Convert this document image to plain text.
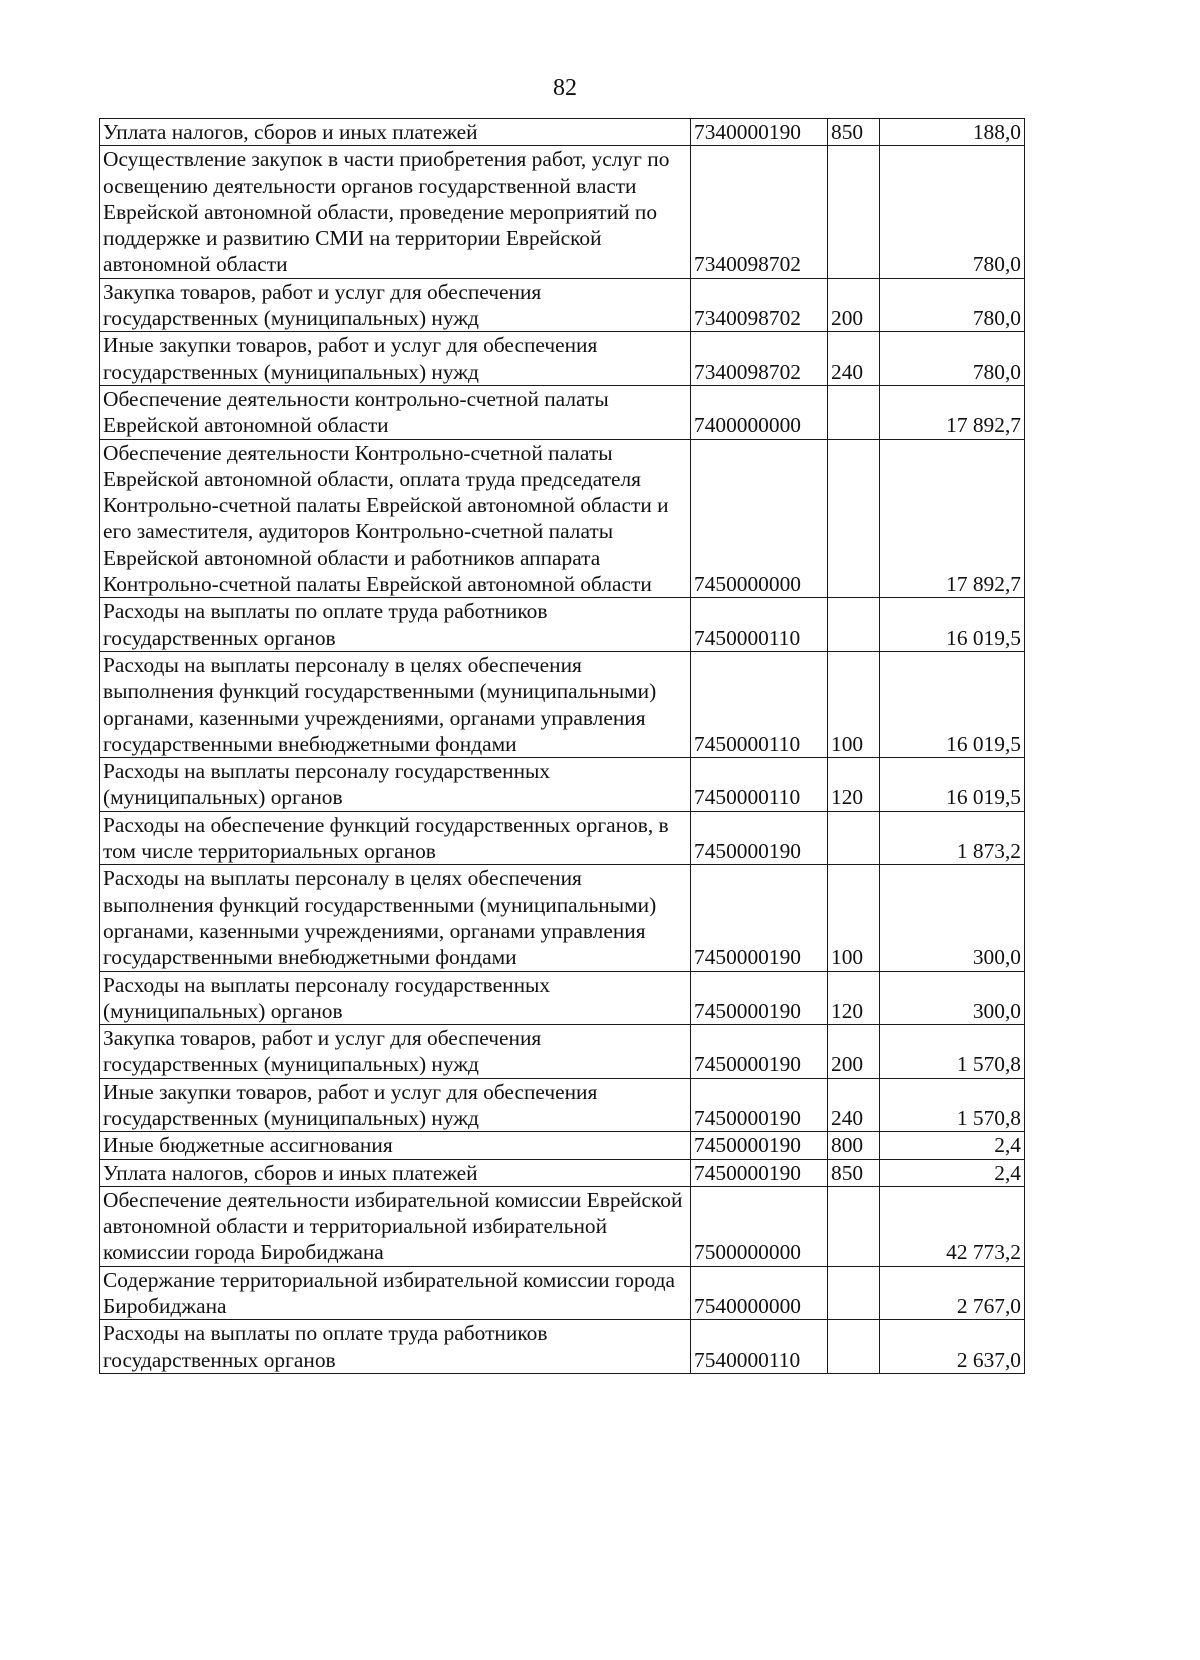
82
Уплата налогов, сборов и иных платежей	7340000190	850	188,0
Осуществление закупок в части приобретения работ, услуг по освещению деятельности органов государственной власти Еврейской автономной области, проведение мероприятий по поддержке и развитию СМИ на территории Еврейской автономной области	7340098702		780,0
Закупка товаров, работ и услуг для обеспечения государственных (муниципальных) нужд	7340098702	200	780,0
Иные закупки товаров, работ и услуг для обеспечения государственных (муниципальных) нужд	7340098702	240	780,0
Обеспечение деятельности контрольно-счетной палаты Еврейской автономной области	7400000000		17 892,7
Обеспечение деятельности Контрольно-счетной палаты Еврейской автономной области, оплата труда председателя Контрольно-счетной палаты Еврейской автономной области и его заместителя, аудиторов Контрольно-счетной палаты Еврейской автономной области и работников аппарата Контрольно-счетной палаты Еврейской автономной области	7450000000		17 892,7
Расходы на выплаты по оплате труда работников государственных органов	7450000110		16 019,5
Расходы на выплаты персоналу в целях обеспечения выполнения функций государственными (муниципальными) органами, казенными учреждениями, органами управления государственными внебюджетными фондами	7450000110	100	16 019,5
Расходы на выплаты персоналу государственных (муниципальных) органов	7450000110	120	16 019,5
Расходы на обеспечение функций государственных органов, в том числе территориальных органов	7450000190		1 873,2
Расходы на выплаты персоналу в целях обеспечения выполнения функций государственными (муниципальными) органами, казенными учреждениями, органами управления государственными внебюджетными фондами	7450000190	100	300,0
Расходы на выплаты персоналу государственных (муниципальных) органов	7450000190	120	300,0
Закупка товаров, работ и услуг для обеспечения государственных (муниципальных) нужд	7450000190	200	1 570,8
Иные закупки товаров, работ и услуг для обеспечения государственных (муниципальных) нужд	7450000190	240	1 570,8
Иные бюджетные ассигнования	7450000190	800	2,4
Уплата налогов, сборов и иных платежей	7450000190	850	2,4
Обеспечение деятельности избирательной комиссии Еврейской автономной области и территориальной избирательной комиссии города Биробиджана	7500000000		42 773,2
Содержание территориальной избирательной комиссии города Биробиджана	7540000000		2 767,0
Расходы на выплаты по оплате труда работников государственных органов	7540000110		2 637,0
